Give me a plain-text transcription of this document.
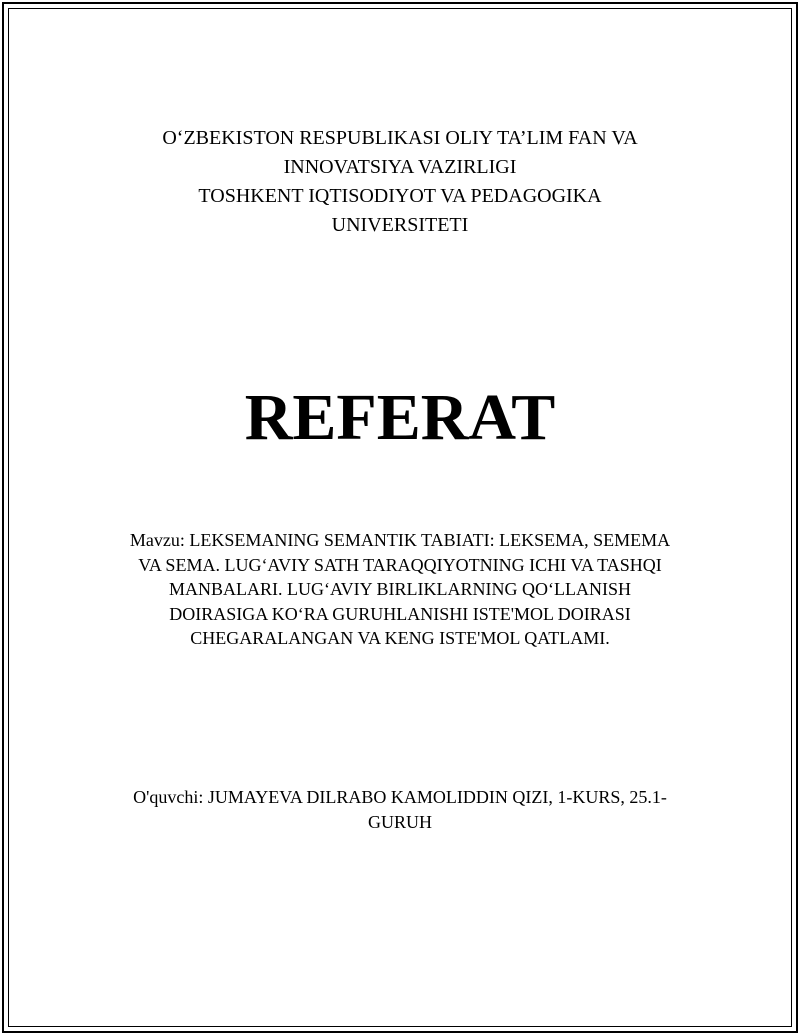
O‘ZBEKISTON RESPUBLIKASI OLIY TA’LIM FAN VA
INNOVATSIYA VAZIRLIGI
TOSHKENT IQTISODIYOT VA PEDAGOGIKA
UNIVERSITETI
REFERAT
Mavzu: LEKSEMANING SEMANTIK TABIATI: LEKSEMA, SEMEMA
VA SEMA. LUG‘AVIY SATH TARAQQIYOTNING ICHI VA TASHQI
MANBALARI. LUG‘AVIY BIRLIKLARNING QO‘LLANISH
DOIRASIGA KO‘RA GURUHLANISHI ISTE'MOL DOIRASI
CHEGARALANGAN VA KENG ISTE'MOL QATLAMI.
O'quvchi: JUMAYEVA DILRABO KAMOLIDDIN QIZI, 1-KURS, 25.1-
GURUH
